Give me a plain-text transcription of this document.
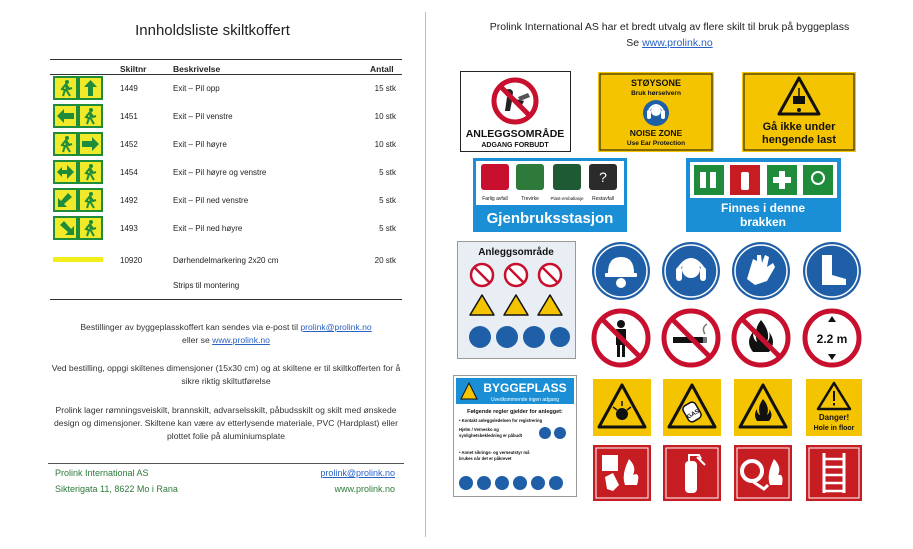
Innholdsliste skiltkoffert
Skiltnr	Beskrivelse	Antall
1449	Exit – Pil opp	15 stk
1451	Exit – Pil venstre	10 stk
1452	Exit – Pil høyre	10 stk
1454	Exit – Pil høyre og venstre	5 stk
1492	Exit – Pil ned venstre	5 stk
1493	Exit – Pil ned høyre	5 stk
10920	Dørhendelmarkering 2x20 cm	20 stk
Strips til montering
Bestillinger av byggeplasskoffert kan sendes via e-post til prolink@prolink.no
eller se www.prolink.no
Ved bestilling, oppgi skiltenes dimensjoner (15x30 cm) og at skiltene er til skiltkofferten for å sikre riktig skiltutførelse
Prolink lager rømningsveiskilt, brannskilt, advarselsskilt, påbudsskilt og skilt med ønskede design og dimensjoner. Skiltene kan være av etterlysende materiale, PVC (Hardplast) eller plottet folie på aluminiumsplate
Prolink International AS
Sikterigata 11, 8622 Mo i Rana
prolink@prolink.no
www.prolink.no
Prolink International AS har et bredt utvalg av flere skilt til bruk på byggeplass
Se www.prolink.no
ANLEGGSOMRÅDE
ADGANG FORBUDT
STØYSONE
Bruk hørselvern
NOISE ZONE
Use Ear Protection
Gå ikke under
hengende last
?
Farlig avfall	Trevirke	Plast-emballasje Restavfall
Gjenbruksstasjon
Finnes i denne
brakken
Anleggsområde
2.2 m
BYGGEPLASS
Uvedkommende ingen adgang
Følgende regler gjelder for anlegget:
• Kontakt anleggsledelsen for registrering
Hjelm / Vernesko og synlighetsbekledning er påbudt
• Annet sikrings- og verneutstyr må brukes når det er påkrevet
GAS	Danger!
Hole in floor
